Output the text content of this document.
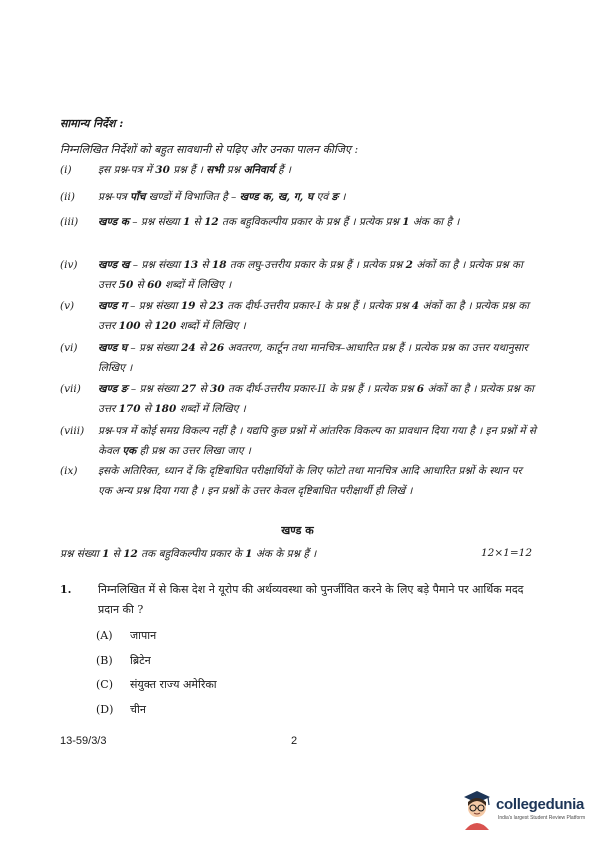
सामान्य निर्देश :
निम्नलिखित निर्देशों को बहुत सावधानी से पढ़िए और उनका पालन कीजिए :
(i)	इस प्रश्न-पत्र में 30 प्रश्न हैं । सभी प्रश्न अनिवार्य हैं ।
(ii)	प्रश्न-पत्र पाँच खण्डों में विभाजित है – खण्ड क, ख, ग, घ एवं ङ ।
(iii)	खण्ड क – प्रश्न संख्या 1 से 12 तक बहुविकल्पीय प्रकार के प्रश्न हैं । प्रत्येक प्रश्न 1 अंक का है ।
(iv)	खण्ड ख – प्रश्न संख्या 13 से 18 तक लघु-उत्तरीय प्रकार के प्रश्न हैं । प्रत्येक प्रश्न 2 अंकों का है । प्रत्येक प्रश्न का उत्तर 50 से 60 शब्दों में लिखिए ।
(v)	खण्ड ग – प्रश्न संख्या 19 से 23 तक दीर्घ-उत्तरीय प्रकार-I के प्रश्न हैं । प्रत्येक प्रश्न 4 अंकों का है । प्रत्येक प्रश्न का उत्तर 100 से 120 शब्दों में लिखिए ।
(vi)	खण्ड घ – प्रश्न संख्या 24 से 26 अवतरण, कार्टून तथा मानचित्र–आधारित प्रश्न हैं । प्रत्येक प्रश्न का उत्तर यथानुसार लिखिए ।
(vii)	खण्ड ङ – प्रश्न संख्या 27 से 30 तक दीर्घ-उत्तरीय प्रकार-II के प्रश्न हैं । प्रत्येक प्रश्न 6 अंकों का है । प्रत्येक प्रश्न का उत्तर 170 से 180 शब्दों में लिखिए ।
(viii)	प्रश्न-पत्र में कोई समग्र विकल्प नहीं है । यद्यपि कुछ प्रश्नों में आंतरिक विकल्प का प्रावधान दिया गया है । इन प्रश्नों में से केवल एक ही प्रश्न का उत्तर लिखा जाए ।
(ix)	इसके अतिरिक्त, ध्यान दें कि दृष्टिबाधित परीक्षार्थियों के लिए फोटो तथा मानचित्र आदि आधारित प्रश्नों के स्थान पर एक अन्य प्रश्न दिया गया है । इन प्रश्नों के उत्तर केवल दृष्टिबाधित परीक्षार्थी ही लिखें ।
खण्ड क
प्रश्न संख्या 1 से 12 तक बहुविकल्पीय प्रकार के 1 अंक के प्रश्न हैं ।	12×1=12
1. निम्नलिखित में से किस देश ने यूरोप की अर्थव्यवस्था को पुनर्जीवित करने के लिए बड़े पैमाने पर आर्थिक मदद प्रदान की ?
(A) जापान
(B) ब्रिटेन
(C) संयुक्त राज्य अमेरिका
(D) चीन
13-59/3/3	2
collegedunia
India's largest Student Review Platform
